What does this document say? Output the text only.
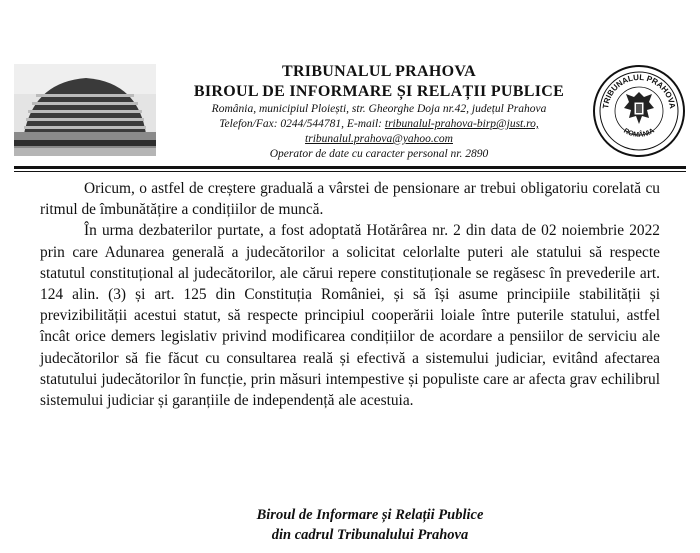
TRIBUNALUL PRAHOVA
BIROUL DE INFORMARE ȘI RELAȚII PUBLICE
România, municipiul Ploiești, str. Gheorghe Doja nr.42, județul Prahova
Telefon/Fax: 0244/544781, E-mail: tribunalul-prahova-birp@just.ro,
tribunalul.prahova@yahoo.com
Operator de date cu caracter personal nr. 2890
TRIBUNALUL PRAHOVA
ROMÂNIA

Oricum, o astfel de creștere graduală a vârstei de pensionare ar trebui obligatoriu corelată cu ritmul de îmbunătățire a condițiilor de muncă.

În urma dezbaterilor purtate, a fost adoptată Hotărârea nr. 2 din data de 02 noiembrie 2022 prin care Adunarea generală a judecătorilor a solicitat celorlalte puteri ale statului să respecte statutul constituțional al judecătorilor, ale cărui repere constituționale se regăsesc în prevederile art. 124 alin. (3) și art. 125 din Constituția României, și să își asume principiile stabilității și previzibilității acestui statut, să respecte principiul cooperării loiale între puterile statului, astfel încât orice demers legislativ privind modificarea condițiilor de acordare a pensiilor de serviciu ale judecătorilor să fie făcut cu consultarea reală și efectivă a sistemului judiciar, evitând afectarea statutului judecătorilor în funcție, prin măsuri intempestive și populiste care ar afecta grav echilibrul sistemului judiciar și garanțiile de independență ale acestuia.

Biroul de Informare și Relații Publice
din cadrul Tribunalului Prahova
